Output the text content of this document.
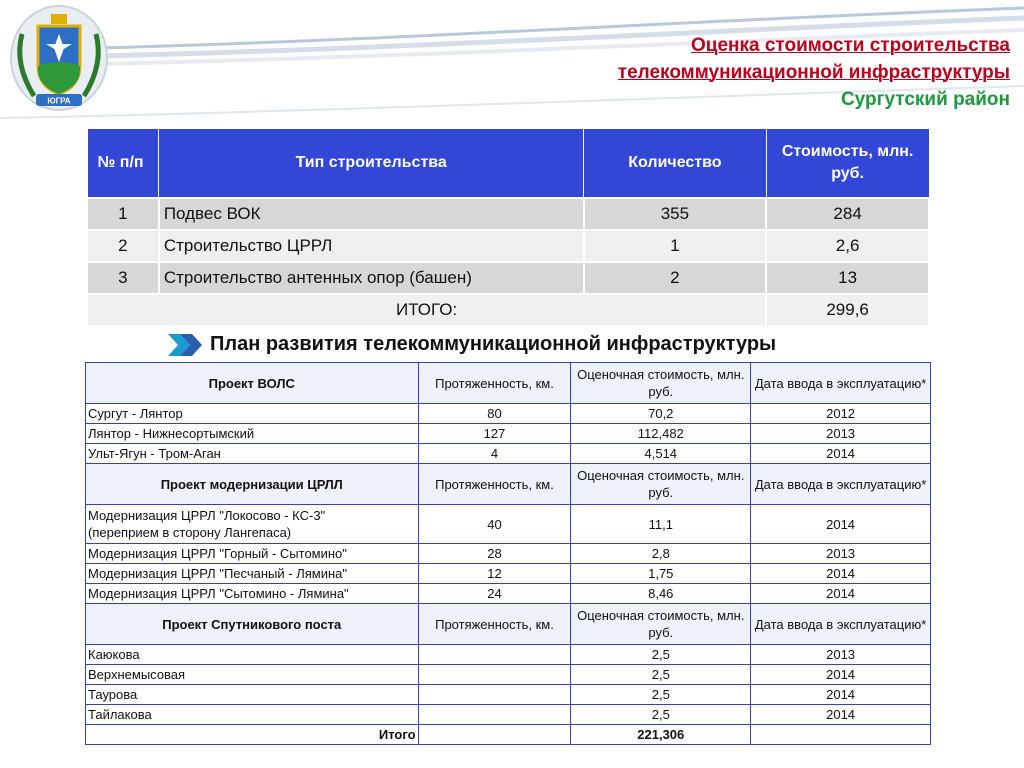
ЮГРА
Оценка стоимости строительства
телекоммуникационной инфраструктуры
Сургутский район
№ п/п	Тип строительства	Количество	Стоимость, млн. руб.
1	Подвес ВОК	355	284
2	Строительство ЦРРЛ	1	2,6
3	Строительство антенных опор (башен)	2	13
ИТОГО:			299,6
План развития телекоммуникационной инфраструктуры
Проект ВОЛС	Протяженность, км.	Оценочная стоимость, млн. руб.	Дата ввода в эксплуатацию*
Сургут - Лянтор	80	70,2	2012
Лянтор - Нижнесортымский	127	112,482	2013
Ульт-Ягун - Тром-Аган	4	4,514	2014
Проект модернизации ЦРЛЛ	Протяженность, км.	Оценочная стоимость, млн. руб.	Дата ввода в эксплуатацию*
Модернизация ЦРРЛ "Локосово - КС-3"
(переприем в сторону Лангепаса)	40	11,1	2014
Модернизация ЦРРЛ "Горный - Сытомино"	28	2,8	2013
Модернизация ЦРРЛ "Песчаный - Лямина"	12	1,75	2014
Модернизация ЦРРЛ "Сытомино - Лямина"	24	8,46	2014
Проект Спутникового поста	Протяженность, км.	Оценочная стоимость, млн. руб.	Дата ввода в эксплуатацию*
Каюкова		2,5	2013
Верхнемысовая		2,5	2014
Таурова		2,5	2014
Тайлакова		2,5	2014
Итого		221,306	
